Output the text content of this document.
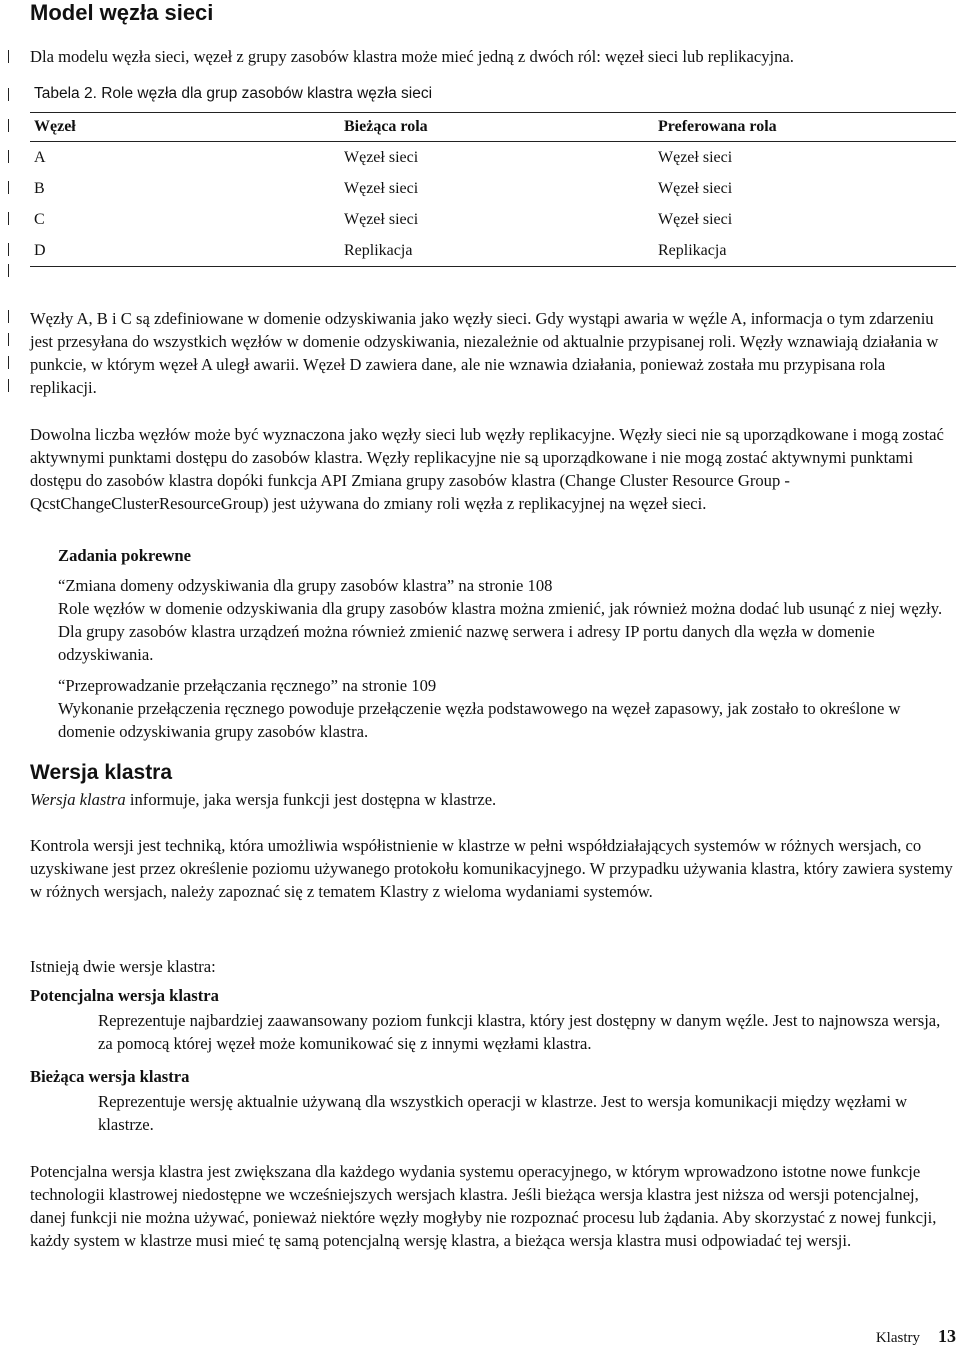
Model węzła sieci

Dla modelu węzła sieci, węzeł z grupy zasobów klastra może mieć jedną z dwóch ról: węzeł sieci lub replikacyjna.

Tabela 2. Role węzła dla grup zasobów klastra węzła sieci

Węzeł	Bieżąca rola	Preferowana rola
A	Węzeł sieci	Węzeł sieci
B	Węzeł sieci	Węzeł sieci
C	Węzeł sieci	Węzeł sieci
D	Replikacja	Replikacja

Węzły A, B i C są zdefiniowane w domenie odzyskiwania jako węzły sieci. Gdy wystąpi awaria w węźle A, informacja o tym zdarzeniu jest przesyłana do wszystkich węzłów w domenie odzyskiwania, niezależnie od aktualnie przypisanej roli. Węzły wznawiają działania w punkcie, w którym węzeł A uległ awarii. Węzeł D zawiera dane, ale nie wznawia działania, ponieważ została mu przypisana rola replikacji.

Dowolna liczba węzłów może być wyznaczona jako węzły sieci lub węzły replikacyjne. Węzły sieci nie są uporządkowane i mogą zostać aktywnymi punktami dostępu do zasobów klastra. Węzły replikacyjne nie są uporządkowane i nie mogą zostać aktywnymi punktami dostępu do zasobów klastra dopóki funkcja API Zmiana grupy zasobów klastra (Change Cluster Resource Group - QcstChangeClusterResourceGroup) jest używana do zmiany roli węzła z replikacyjnej na węzeł sieci.

Zadania pokrewne
“Zmiana domeny odzyskiwania dla grupy zasobów klastra” na stronie 108

Role węzłów w domenie odzyskiwania dla grupy zasobów klastra można zmienić, jak również można dodać lub usunąć z niej węzły. Dla grupy zasobów klastra urządzeń można również zmienić nazwę serwera i adresy IP portu danych dla węzła w domenie odzyskiwania.

“Przeprowadzanie przełączania ręcznego” na stronie 109

Wykonanie przełączenia ręcznego powoduje przełączenie węzła podstawowego na węzeł zapasowy, jak zostało to określone w domenie odzyskiwania grupy zasobów klastra.

Wersja klastra

Wersja klastra informuje, jaka wersja funkcji jest dostępna w klastrze.

Kontrola wersji jest techniką, która umożliwia współistnienie w klastrze w pełni współdziałających systemów w różnych wersjach, co uzyskiwane jest przez określenie poziomu używanego protokołu komunikacyjnego. W przypadku używania klastra, który zawiera systemy w różnych wersjach, należy zapoznać się z tematem Klastry z wieloma wydaniami systemów.

Istnieją dwie wersje klastra:

Potencjalna wersja klastra

Reprezentuje najbardziej zaawansowany poziom funkcji klastra, który jest dostępny w danym węźle. Jest to najnowsza wersja, za pomocą której węzeł może komunikować się z innymi węzłami klastra.

Bieżąca wersja klastra

Reprezentuje wersję aktualnie używaną dla wszystkich operacji w klastrze. Jest to wersja komunikacji między węzłami w klastrze.

Potencjalna wersja klastra jest zwiększana dla każdego wydania systemu operacyjnego, w którym wprowadzono istotne nowe funkcje technologii klastrowej niedostępne we wcześniejszych wersjach klastra. Jeśli bieżąca wersja klastra jest niższa od wersji potencjalnej, danej funkcji nie można używać, ponieważ niektóre węzły mogłyby nie rozpoznać procesu lub żądania. Aby skorzystać z nowej funkcji, każdy system w klastrze musi mieć tę samą potencjalną wersję klastra, a bieżąca wersja klastra musi odpowiadać tej wersji.

Klastry 13
